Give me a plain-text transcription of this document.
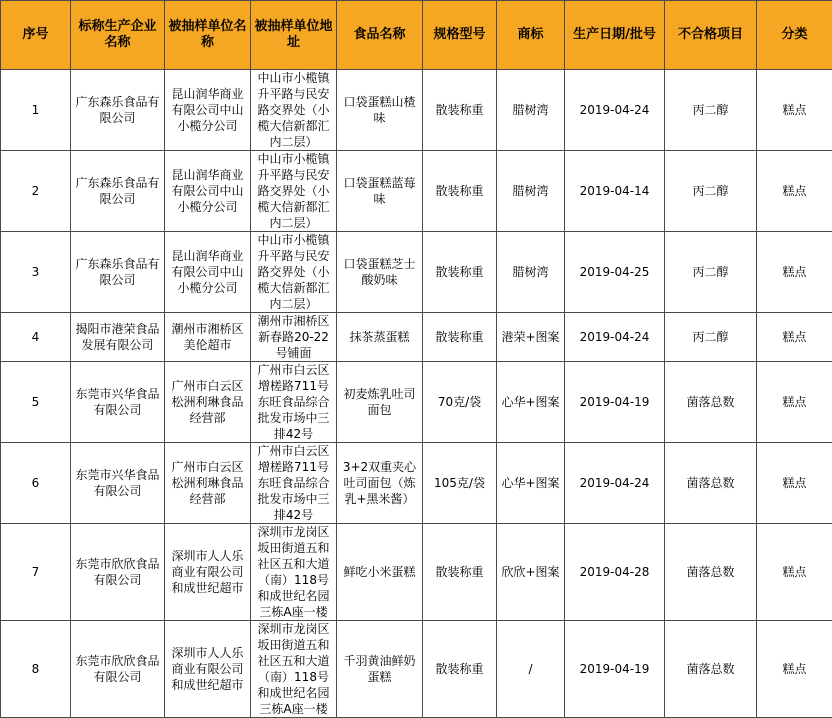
序号	标称生产企业名称	被抽样单位名称	被抽样单位地址	食品名称	规格型号	商标	生产日期/批号	不合格项目	分类
1	广东森乐食品有限公司	昆山润华商业有限公司中山小榄分公司	中山市小榄镇升平路与民安路交界处（小榄大信新都汇内二层）	口袋蛋糕山楂味	散装称重	腊树湾	2019-04-24	丙二醇	糕点
2	广东森乐食品有限公司	昆山润华商业有限公司中山小榄分公司	中山市小榄镇升平路与民安路交界处（小榄大信新都汇内二层）	口袋蛋糕蓝莓味	散装称重	腊树湾	2019-04-14	丙二醇	糕点
3	广东森乐食品有限公司	昆山润华商业有限公司中山小榄分公司	中山市小榄镇升平路与民安路交界处（小榄大信新都汇内二层）	口袋蛋糕芝士酸奶味	散装称重	腊树湾	2019-04-25	丙二醇	糕点
4	揭阳市港荣食品发展有限公司	潮州市湘桥区美伦超市	潮州市湘桥区新春路20-22号铺面	抹茶蒸蛋糕	散装称重	港荣+图案	2019-04-24	丙二醇	糕点
5	东莞市兴华食品有限公司	广州市白云区松洲利琳食品经营部	广州市白云区增槎路711号东旺食品综合批发市场中三排42号	初麦炼乳吐司面包	70克/袋	心华+图案	2019-04-19	菌落总数	糕点
6	东莞市兴华食品有限公司	广州市白云区松洲利琳食品经营部	广州市白云区增槎路711号东旺食品综合批发市场中三排42号	3+2双重夹心吐司面包（炼乳+黑米酱）	105克/袋	心华+图案	2019-04-24	菌落总数	糕点
7	东莞市欣欣食品有限公司	深圳市人人乐商业有限公司和成世纪超市	深圳市龙岗区坂田街道五和社区五和大道（南）118号和成世纪名园三栋A座一楼	鲜吃小米蛋糕	散装称重	欣欣+图案	2019-04-28	菌落总数	糕点
8	东莞市欣欣食品有限公司	深圳市人人乐商业有限公司和成世纪超市	深圳市龙岗区坂田街道五和社区五和大道（南）118号和成世纪名园三栋A座一楼	千羽黄油鲜奶蛋糕	散装称重	/	2019-04-19	菌落总数	糕点
